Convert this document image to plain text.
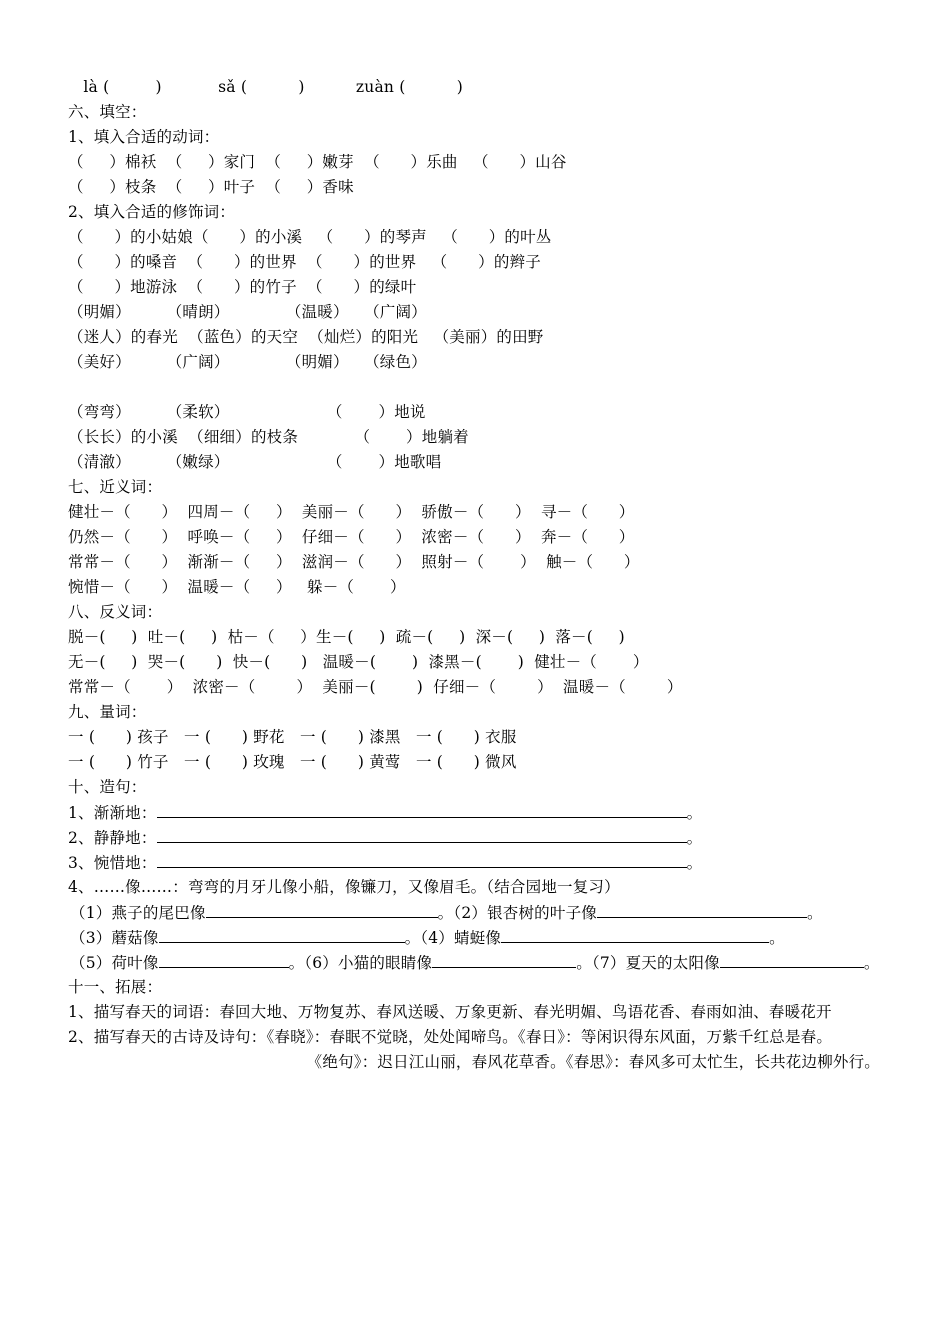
là (         )           sǎ (          )          zuàn (          )
六、填空：
1、填入合适的动词：
（     ）棉袄  （     ）家门  （     ）嫩芽  （      ）乐曲   （      ）山谷
（     ）枝条  （     ）叶子  （     ）香味
2、填入合适的修饰词：
（      ）的小姑娘（      ）的小溪   （      ）的琴声   （      ）的叶丛
（      ）的嗓音  （      ）的世界  （      ）的世界   （      ）的辫子
（      ）地游泳  （      ）的竹子  （      ）的绿叶
（明媚）       （晴朗）           （温暖）   （广阔）
（迷人）的春光  （蓝色）的天空  （灿烂）的阳光   （美丽）的田野
（美好）       （广阔）           （明媚）   （绿色）
（弯弯）       （柔软）                   （       ）地说
（长长）的小溪  （细细）的枝条           （       ）地躺着
（清澈）       （嫩绿）                   （       ）地歌唱
七、近义词：
健壮－（      ）  四周－（     ）  美丽－（      ）  骄傲－（      ）  寻－（      ）
仍然－（      ）  呼唤－（     ）  仔细－（      ）  浓密－（      ）  奔－（      ）
常常－（      ）  渐渐－（     ）  滋润－（      ）  照射－（       ）  触－（      ）
惋惜－（      ）  温暖－（     ）   躲－（       ）
八、反义词：
脱－(     )  吐－(     )  枯－（     ）生－(     )  疏－(     )  深－(     )  落－(     )
无－(     )  哭－(      )  快－(      )   温暖－(       )  漆黑－(       )  健壮－（       ）
常常－（       ）  浓密－（        ）  美丽－(        )  仔细－（        ）  温暖－（        ）
九、量词：
一 (      ) 孩子   一 (      ) 野花   一 (      ) 漆黑   一 (      ) 衣服
一 (      ) 竹子   一 (      ) 玫瑰   一 (      ) 黄莺   一 (      ) 微风
十、造句：
4、……像……：弯弯的月牙儿像小船，像镰刀，又像眉毛。（结合园地一复习）
十一、拓展：
1、描写春天的词语：春回大地、万物复苏、春风送暖、万象更新、春光明媚、鸟语花香、春雨如油、春暖花开
2、描写春天的古诗及诗句：《春晓》：春眠不觉晓，处处闻啼鸟。《春日》：等闲识得东风面，万紫千红总是春。
1、渐渐地：	。
2、静静地：	。
3、惋惜地：	。
（1）燕子的尾巴像	。（2）银杏树的叶子像	。
（3）蘑菇像	。（4）蜻蜓像	。
（5）荷叶像	。（6）小猫的眼睛像	。（7）夏天的太阳像	。
《绝句》：迟日江山丽，春风花草香。《春思》：春风多可太忙生，长共花边柳外行。
